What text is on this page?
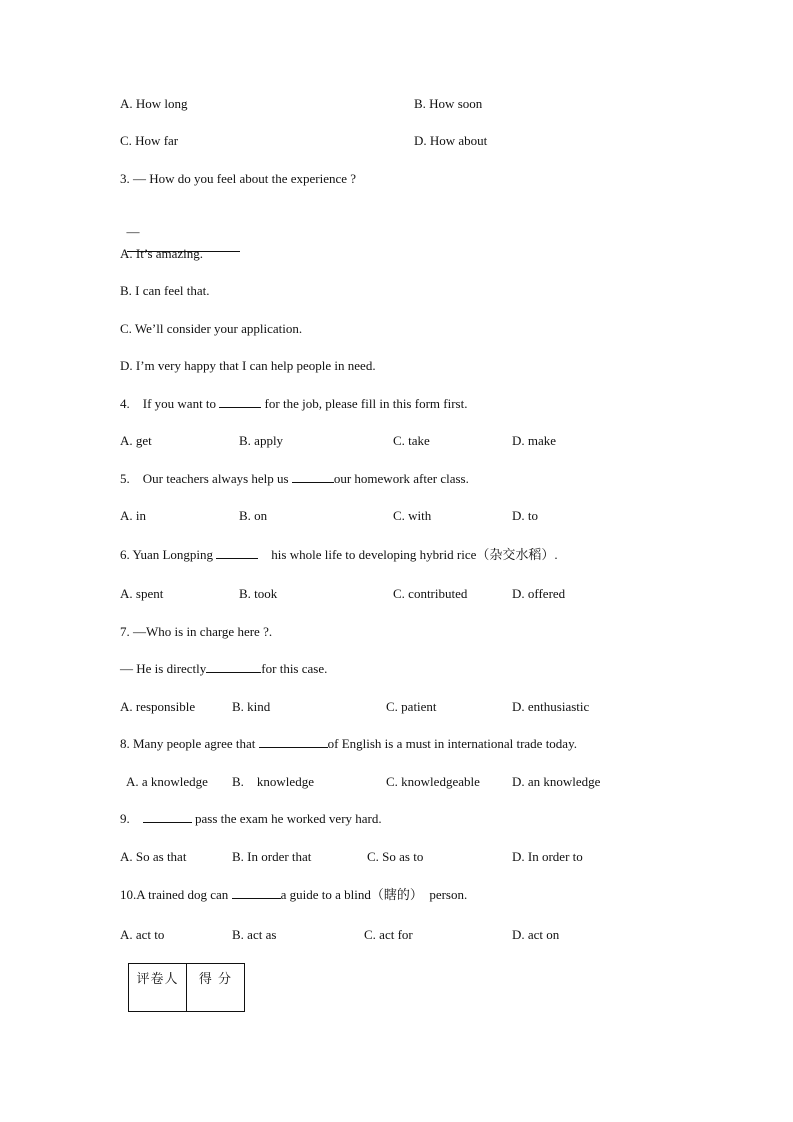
A. How long	B. How soon
C. How far	D. How about
3. — How do you feel about the experience ?

—

A. It’s amazing.
B. I can feel that.
C. We’ll consider your application.
D. I’m very happy that I can help people in need.
4.    If you want to	for the job, please fill in this form first.
A. get	B. apply	C. take	D. make
5.    Our teachers always help us	our homework after class.
A. in	B. on	C. with	D. to
6. Yuan Longping	his whole life to developing hybrid rice（杂交水稻）.
A. spent	B. took	C. contributed	D. offered
7. —Who is in charge here ?.
— He is directly	for this case.
A. responsible	B. kind	C. patient	D. enthusiastic
8. Many people agree that	of English is a must in international trade today.
A. a knowledge B.    knowledge	C. knowledgeable D. an knowledge
9.	pass the exam he worked very hard.
A. So as that	B. In order that	C. So as to	D. In order to
10.A trained dog can	a guide to a blind（瞎的）  person.
A. act to	B. act as	C. act for	D. act on
评卷人	得 分
